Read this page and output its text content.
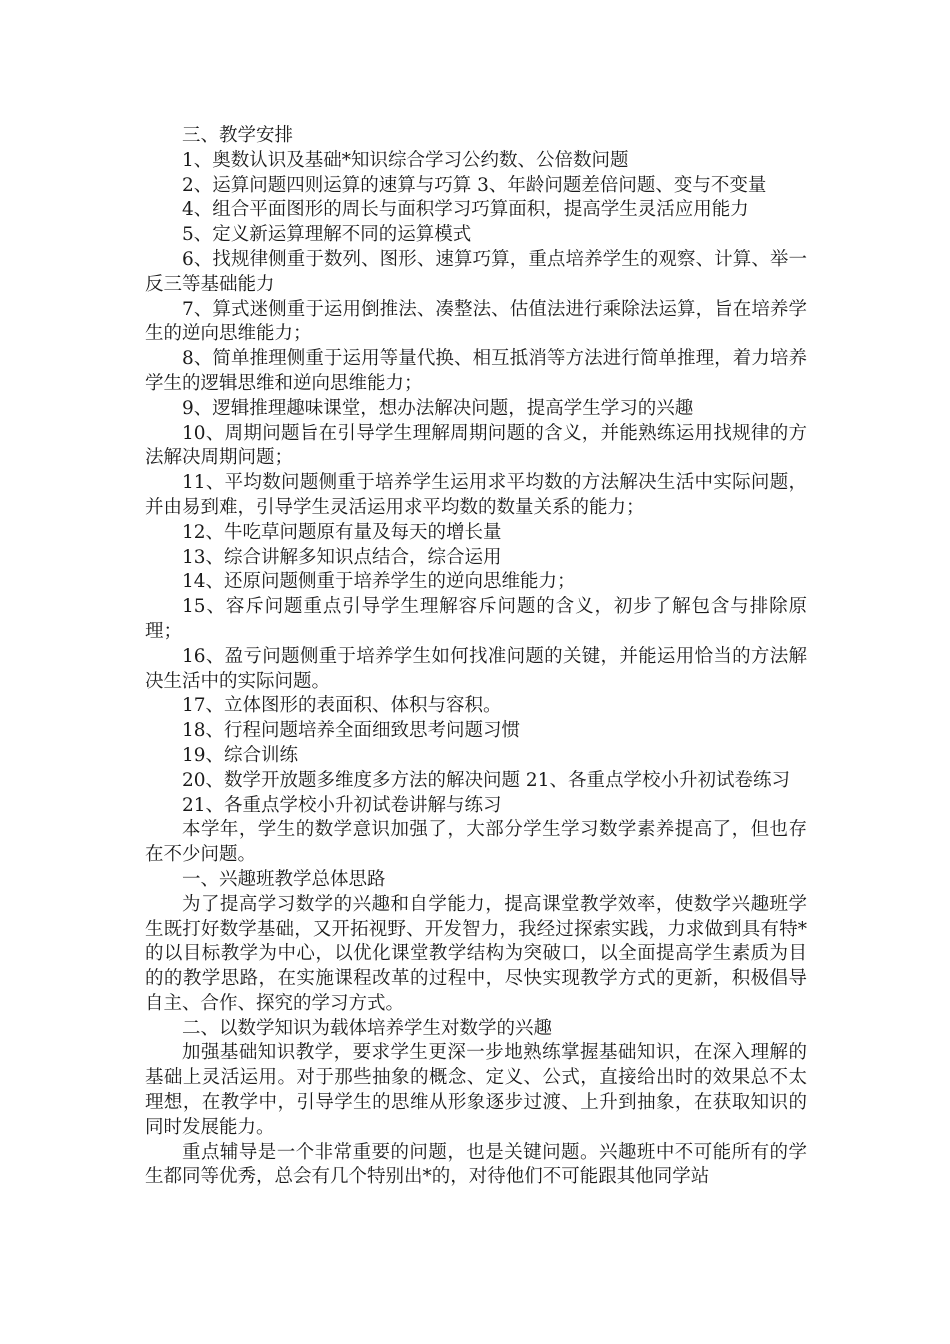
三、教学安排

1、奥数认识及基础*知识综合学习公约数、公倍数问题

2、运算问题四则运算的速算与巧算 3、年龄问题差倍问题、变与不变量

4、组合平面图形的周长与面积学习巧算面积，提高学生灵活应用能力

5、定义新运算理解不同的运算模式

6、找规律侧重于数列、图形、速算巧算，重点培养学生的观察、计算、举一反三等基础能力

7、算式迷侧重于运用倒推法、凑整法、估值法进行乘除法运算，旨在培养学生的逆向思维能力；

8、简单推理侧重于运用等量代换、相互抵消等方法进行简单推理，着力培养学生的逻辑思维和逆向思维能力；

9、逻辑推理趣味课堂，想办法解决问题，提高学生学习的兴趣

10、周期问题旨在引导学生理解周期问题的含义，并能熟练运用找规律的方法解决周期问题；

11、平均数问题侧重于培养学生运用求平均数的方法解决生活中实际问题，并由易到难，引导学生灵活运用求平均数的数量关系的能力；

12、牛吃草问题原有量及每天的增长量

13、综合讲解多知识点结合，综合运用

14、还原问题侧重于培养学生的逆向思维能力；

15、容斥问题重点引导学生理解容斥问题的含义，初步了解包含与排除原理；

16、盈亏问题侧重于培养学生如何找准问题的关键，并能运用恰当的方法解决生活中的实际问题。

17、立体图形的表面积、体积与容积。

18、行程问题培养全面细致思考问题习惯

19、综合训练

20、数学开放题多维度多方法的解决问题 21、各重点学校小升初试卷练习

21、各重点学校小升初试卷讲解与练习

本学年，学生的数学意识加强了，大部分学生学习数学素养提高了，但也存在不少问题。

一、兴趣班教学总体思路

为了提高学习数学的兴趣和自学能力，提高课堂教学效率，使数学兴趣班学生既打好数学基础，又开拓视野、开发智力，我经过探索实践，力求做到具有特*的以目标教学为中心，以优化课堂教学结构为突破口，以全面提高学生素质为目的的教学思路，在实施课程改革的过程中，尽快实现教学方式的更新，积极倡导自主、合作、探究的学习方式。

二、以数学知识为载体培养学生对数学的兴趣

加强基础知识教学，要求学生更深一步地熟练掌握基础知识，在深入理解的基础上灵活运用。对于那些抽象的概念、定义、公式，直接给出时的效果总不太理想，在教学中，引导学生的思维从形象逐步过渡、上升到抽象，在获取知识的同时发展能力。

重点辅导是一个非常重要的问题，也是关键问题。兴趣班中不可能所有的学生都同等优秀，总会有几个特别出*的，对待他们不可能跟其他同学站
